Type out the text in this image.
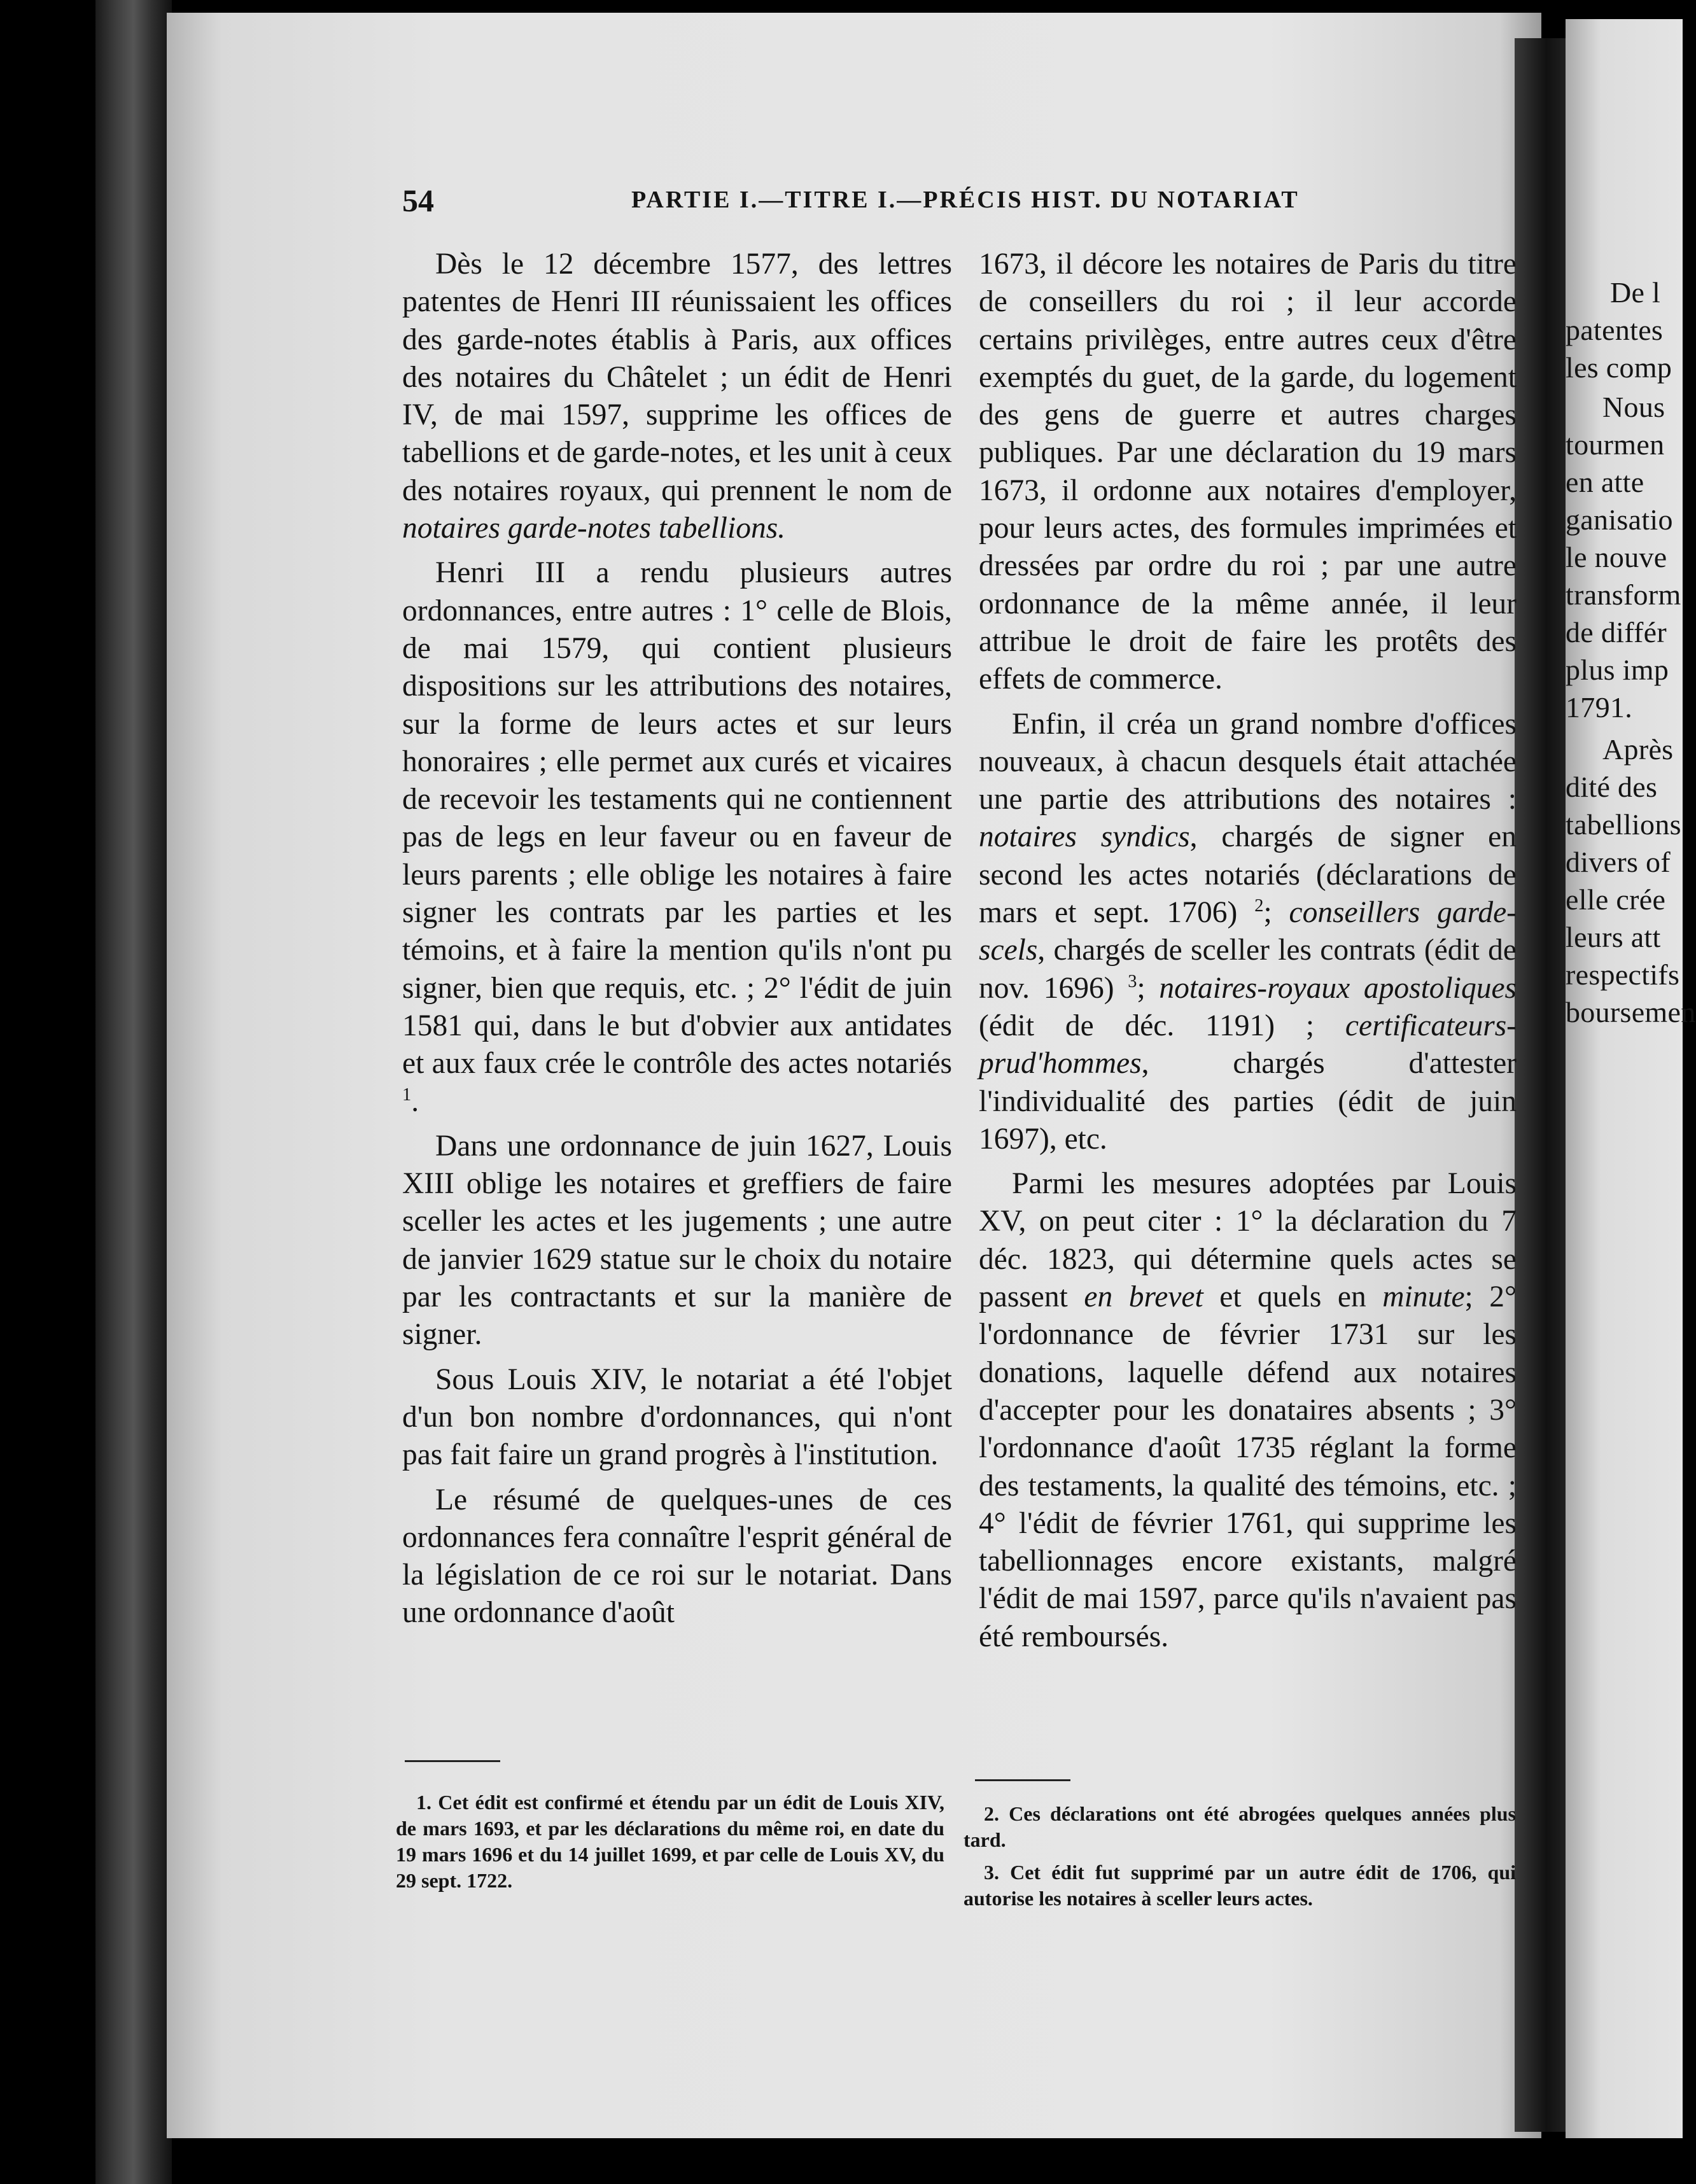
De l

patentes

les comp

Nous

tourmen

en atte

ganisatio

le nouve

transform

de différ

plus imp

1791.

Après

dité des

tabellions

divers of

elle crée

leurs att

respectifs

boursemen

54	PARTIE I.—TITRE I.—PRÉCIS HIST. DU NOTARIAT

Dès le 12 décembre 1577, des lettres patentes de Henri III réunissaient les offices des garde-notes établis à Paris, aux offices des notaires du Châtelet ; un édit de Henri IV, de mai 1597, supprime les offices de tabellions et de garde-notes, et les unit à ceux des notaires royaux, qui prennent le nom de notaires garde-notes tabellions.

Henri III a rendu plusieurs autres ordonnances, entre autres : 1° celle de Blois, de mai 1579, qui contient plusieurs dispositions sur les attributions des notaires, sur la forme de leurs actes et sur leurs honoraires ; elle permet aux curés et vicaires de recevoir les testaments qui ne contiennent pas de legs en leur faveur ou en faveur de leurs parents ; elle oblige les notaires à faire signer les contrats par les parties et les témoins, et à faire la mention qu'ils n'ont pu signer, bien que requis, etc. ; 2° l'édit de juin 1581 qui, dans le but d'obvier aux antidates et aux faux crée le contrôle des actes notariés $^1$.

Dans une ordonnance de juin 1627, Louis XIII oblige les notaires et greffiers de faire sceller les actes et les jugements ; une autre de janvier 1629 statue sur le choix du notaire par les contractants et sur la manière de signer.

Sous Louis XIV, le notariat a été l'objet d'un bon nombre d'ordonnances, qui n'ont pas fait faire un grand progrès à l'institution.

Le résumé de quelques-unes de ces ordonnances fera connaître l'esprit général de la législation de ce roi sur le notariat. Dans une ordonnance d'août

1673, il décore les notaires de Paris du titre de conseillers du roi ; il leur accorde certains privilèges, entre autres ceux d'être exemptés du guet, de la garde, du logement des gens de guerre et autres charges publiques. Par une déclaration du 19 mars 1673, il ordonne aux notaires d'employer, pour leurs actes, des formules imprimées et dressées par ordre du roi ; par une autre ordonnance de la même année, il leur attribue le droit de faire les protêts des effets de commerce.

Enfin, il créa un grand nombre d'offices nouveaux, à chacun desquels était attachée une partie des attributions des notaires : notaires syndics, chargés de signer en second les actes notariés (déclarations de mars et sept. 1706) $^2$; conseillers garde-scels, chargés de sceller les contrats (édit de nov. 1696) $^3$; notaires-royaux apostoliques (édit de déc. 1191) ; certificateurs-prud'hommes, chargés d'attester l'individualité des parties (édit de juin 1697), etc.

Parmi les mesures adoptées par Louis XV, on peut citer : 1° la déclaration du 7 déc. 1823, qui détermine quels actes se passent en brevet et quels en minute; 2° l'ordonnance de février 1731 sur les donations, laquelle défend aux notaires d'accepter pour les donataires absents ; 3° l'ordonnance d'août 1735 réglant la forme des testaments, la qualité des témoins, etc. ; 4° l'édit de février 1761, qui supprime les tabellionnages encore existants, malgré l'édit de mai 1597, parce qu'ils n'avaient pas été remboursés.

1. Cet édit est confirmé et étendu par un édit de Louis XIV, de mars 1693, et par les déclarations du même roi, en date du 19 mars 1696 et du 14 juillet 1699, et par celle de Louis XV, du 29 sept. 1722.

2. Ces déclarations ont été abrogées quelques années plus tard.

3. Cet édit fut supprimé par un autre édit de 1706, qui autorise les notaires à sceller leurs actes.
